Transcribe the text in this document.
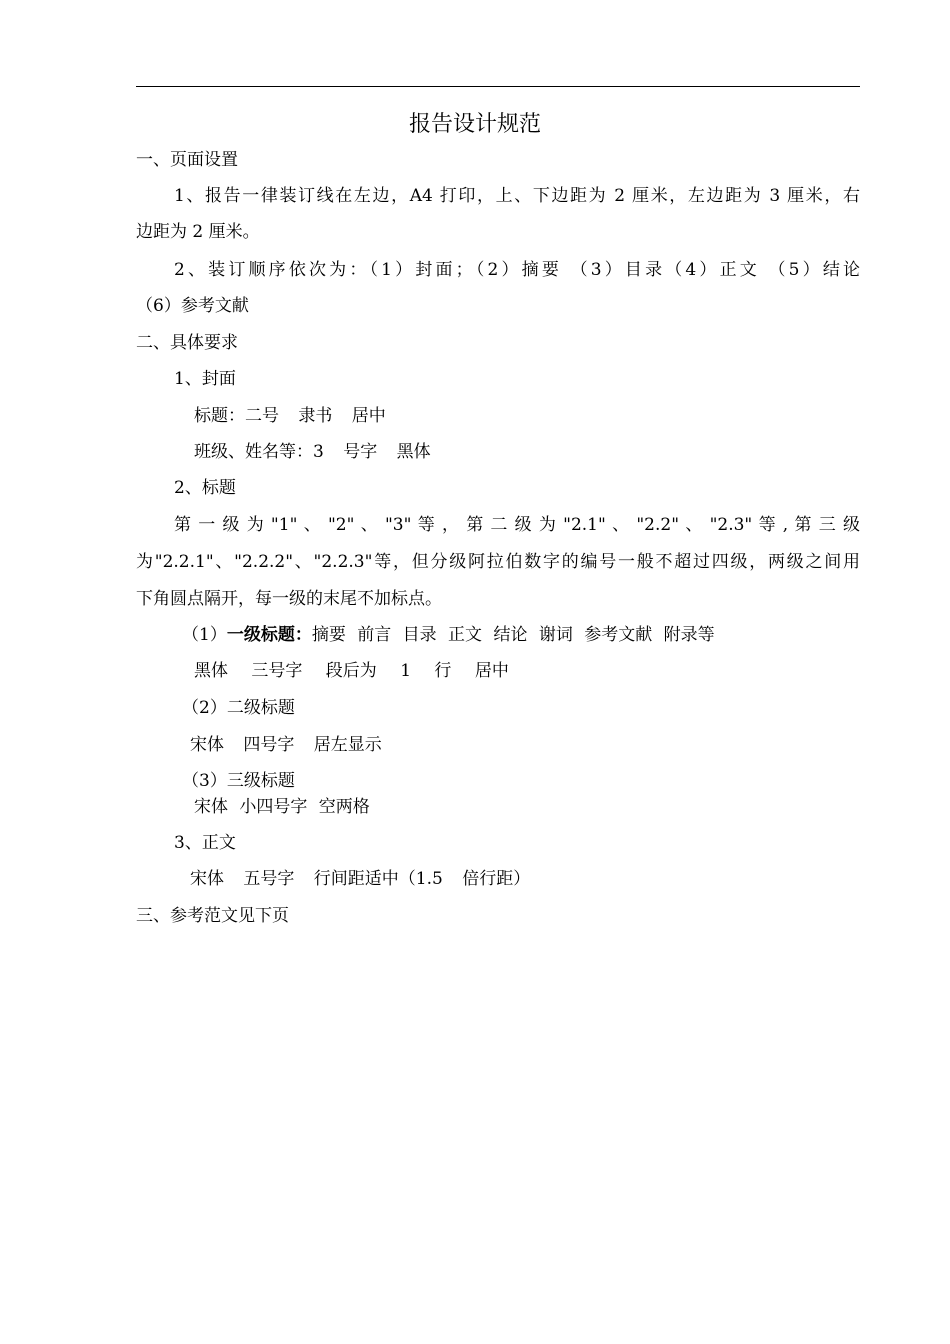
报告设计规范
一、页面设置
1、报告一律装订线在左边，A4 打印，上、下边距为 2 厘米，左边距为 3 厘米，右
边距为 2 厘米。
2、装订顺序依次为：（1）封面；（2）摘要 （3）目录（4）正文 （5）结论
（6）参考文献
二、具体要求
1、封面
标题：二号 隶书 居中
班级、姓名等：3 号字 黑体
2、标题
第 一 级 为 "1" 、 "2" 、 "3" 等 ， 第 二 级 为 "2.1" 、 "2.2" 、 "2.3" 等 , 第 三 级
为"2.2.1"、"2.2.2"、"2.2.3"等，但分级阿拉伯数字的编号一般不超过四级，两级之间用
下角圆点隔开，每一级的末尾不加标点。
（1）一级标题：摘要 前言 目录 正文 结论 谢词 参考文献 附录等
黑体 三号字 段后为 1 行 居中
（2）二级标题
宋体 四号字 居左显示
（3）三级标题
宋体 小四号字 空两格
3、正文
宋体 五号字 行间距适中（1.5 倍行距）
三、参考范文见下页
